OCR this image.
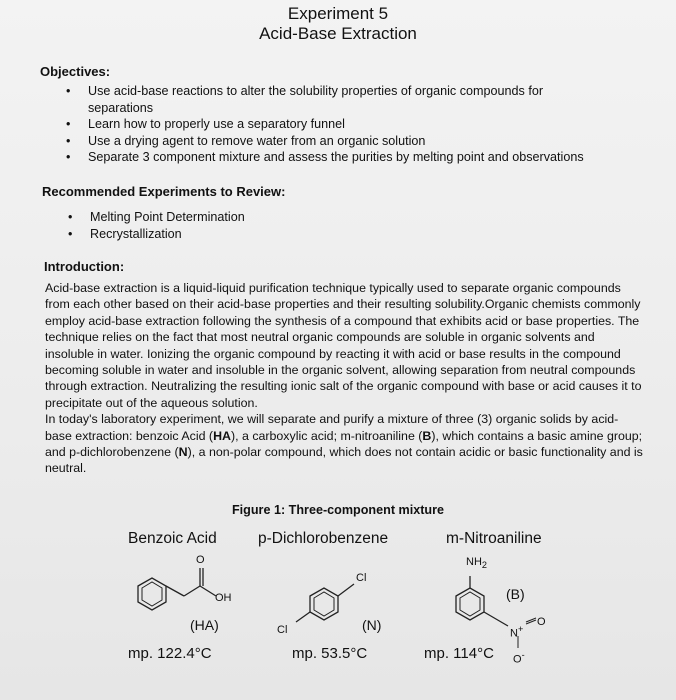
Experiment 5
Acid-Base Extraction
Objectives:
• Use acid-base reactions to alter the solubility properties of organic compounds for separations
• Learn how to properly use a separatory funnel
• Use a drying agent to remove water from an organic solution
• Separate 3 component mixture and assess the purities by melting point and observations
Recommended Experiments to Review:
• Melting Point Determination
• Recrystallization
Introduction:

Acid-base extraction is a liquid-liquid purification technique typically used to separate organic compounds from each other based on their acid-base properties and their resulting solubility.Organic chemists commonly employ acid-base extraction following the synthesis of a compound that exhibits acid or base properties. The technique relies on the fact that most neutral organic compounds are soluble in organic solvents and insoluble in water. Ionizing the organic compound by reacting it with acid or base results in the compound becoming soluble in water and insoluble in the organic solvent, allowing separation from neutral compounds through extraction. Neutralizing the resulting ionic salt of the organic compound with base or acid causes it to precipitate out of the aqueous solution.

In today's laboratory experiment, we will separate and purify a mixture of three (3) organic solids by acid-base extraction: benzoic Acid (HA), a carboxylic acid; m-nitroaniline (B), which contains a basic amine group; and p-dichlorobenzene (N), a non-polar compound, which does not contain acidic or basic functionality and is neutral.

Figure 1: Three-component mixture
Benzoic Acid	p-Dichlorobenzene	m-Nitroaniline
O
OH
(HA)
mp. 122.4°C
Cl
Cl	(N)
mp. 53.5°C
$NH_2$
(B)
N+
O
O-
mp. 114°C
